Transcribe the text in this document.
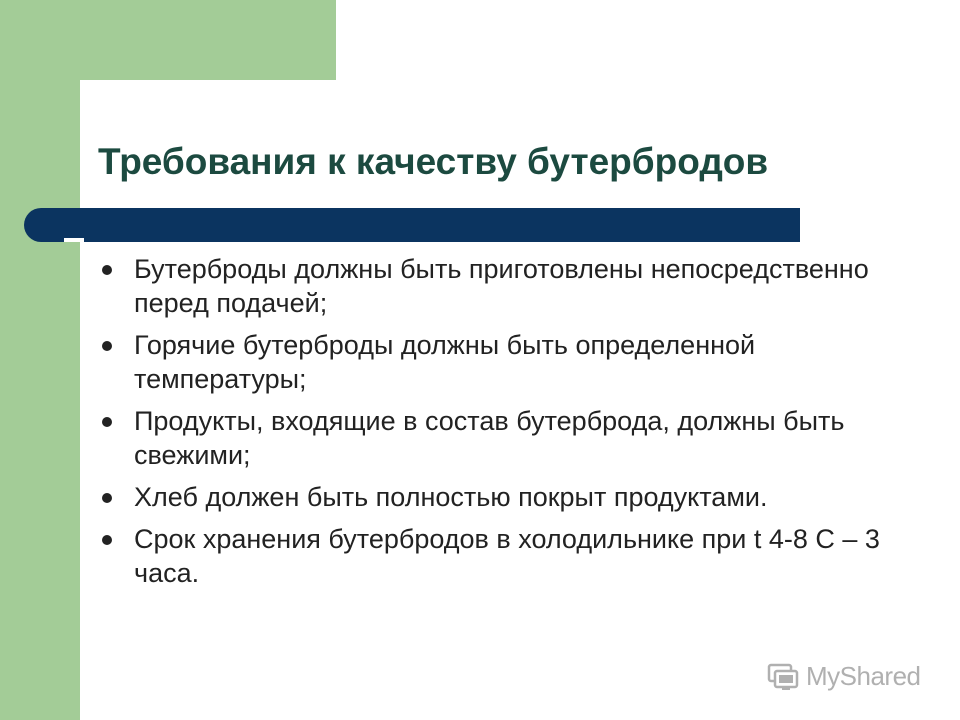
Требования к качеству бутербродов
Бутерброды должны быть приготовлены непосредственно перед подачей;
Горячие бутерброды должны быть определенной температуры;
Продукты, входящие в состав бутерброда, должны быть свежими;
Хлеб должен быть полностью покрыт продуктами.
Срок хранения бутербродов в холодильнике при t 4-8 С – 3 часа.
MyShared
